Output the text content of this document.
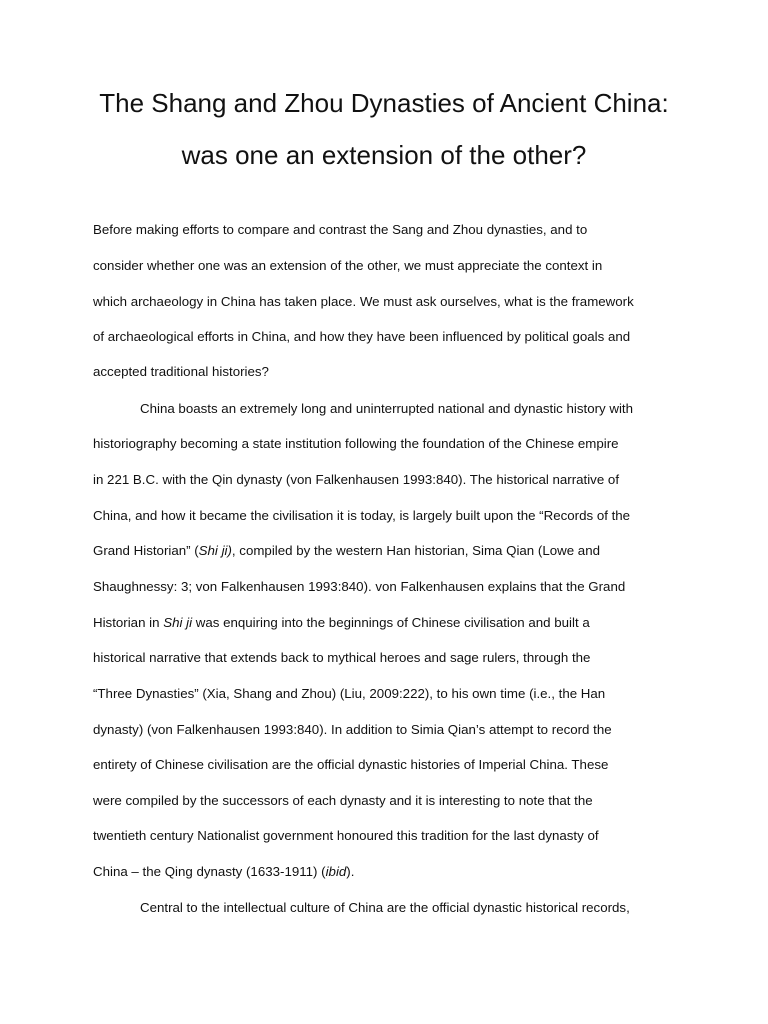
The Shang and Zhou Dynasties of Ancient China:
was one an extension of the other?
Before making efforts to compare and contrast the Sang and Zhou dynasties, and to
consider whether one was an extension of the other, we must appreciate the context in
which archaeology in China has taken place. We must ask ourselves, what is the framework
of archaeological efforts in China, and how they have been influenced by political goals and
accepted traditional histories?
China boasts an extremely long and uninterrupted national and dynastic history with
historiography becoming a state institution following the foundation of the Chinese empire
in 221 B.C. with the Qin dynasty (von Falkenhausen 1993:840). The historical narrative of
China, and how it became the civilisation it is today, is largely built upon the “Records of the
Grand Historian” (Shi ji), compiled by the western Han historian, Sima Qian (Lowe and
Shaughnessy: 3; von Falkenhausen 1993:840). von Falkenhausen explains that the Grand
Historian in Shi ji was enquiring into the beginnings of Chinese civilisation and built a
historical narrative that extends back to mythical heroes and sage rulers, through the
“Three Dynasties” (Xia, Shang and Zhou) (Liu, 2009:222), to his own time (i.e., the Han
dynasty) (von Falkenhausen 1993:840). In addition to Simia Qian’s attempt to record the
entirety of Chinese civilisation are the official dynastic histories of Imperial China. These
were compiled by the successors of each dynasty and it is interesting to note that the
twentieth century Nationalist government honoured this tradition for the last dynasty of
China – the Qing dynasty (1633-1911) (ibid).
Central to the intellectual culture of China are the official dynastic historical records,
